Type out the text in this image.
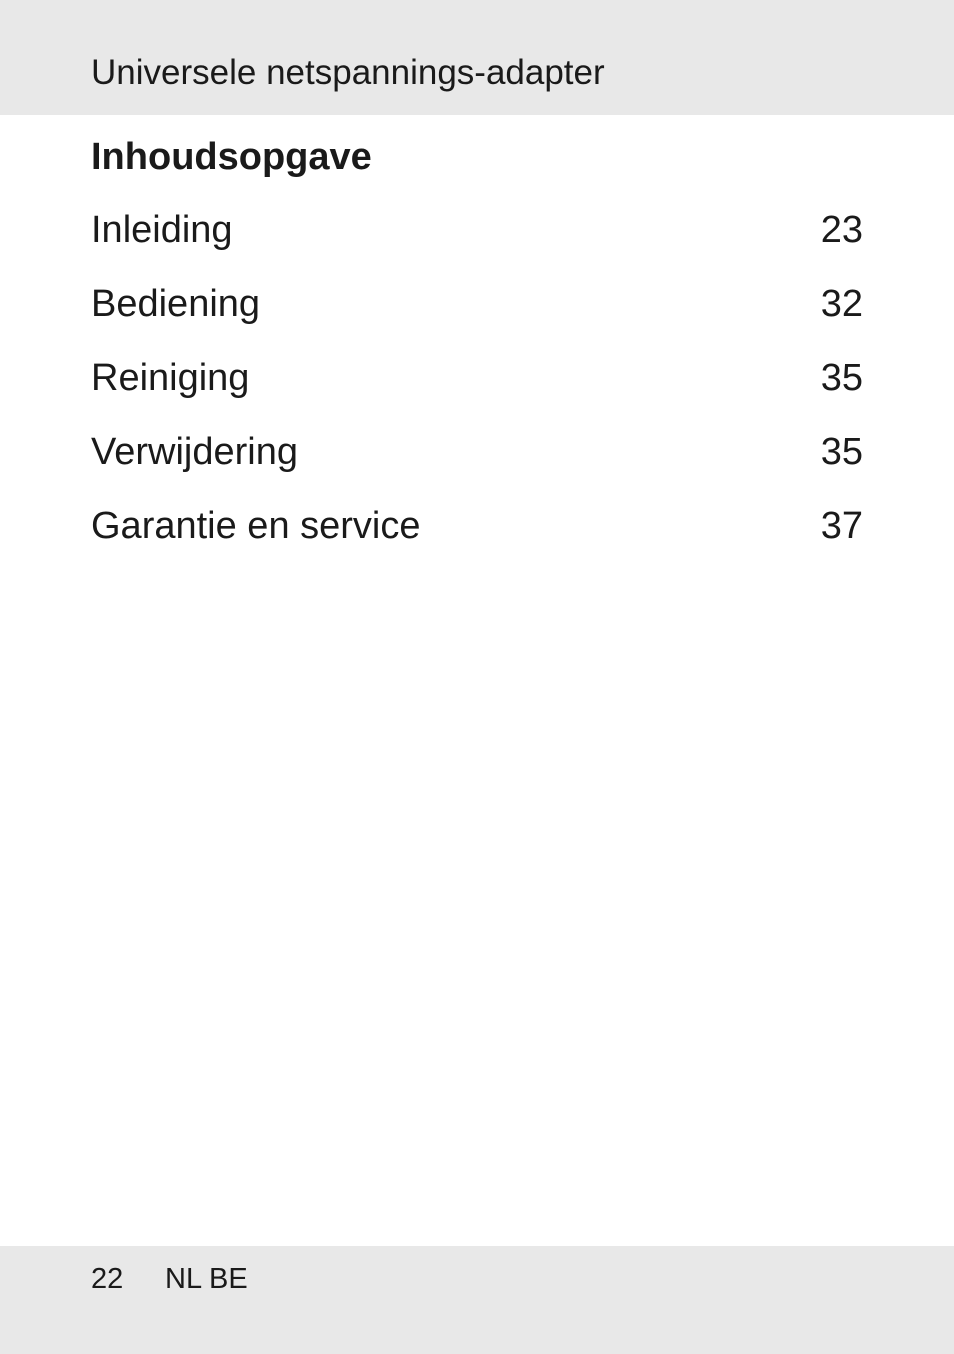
Universele netspannings-adapter
Inhoudsopgave
Inleiding	23
Bediening	32
Reiniging	35
Verwijdering	35
Garantie en service	37
22 NL BE
